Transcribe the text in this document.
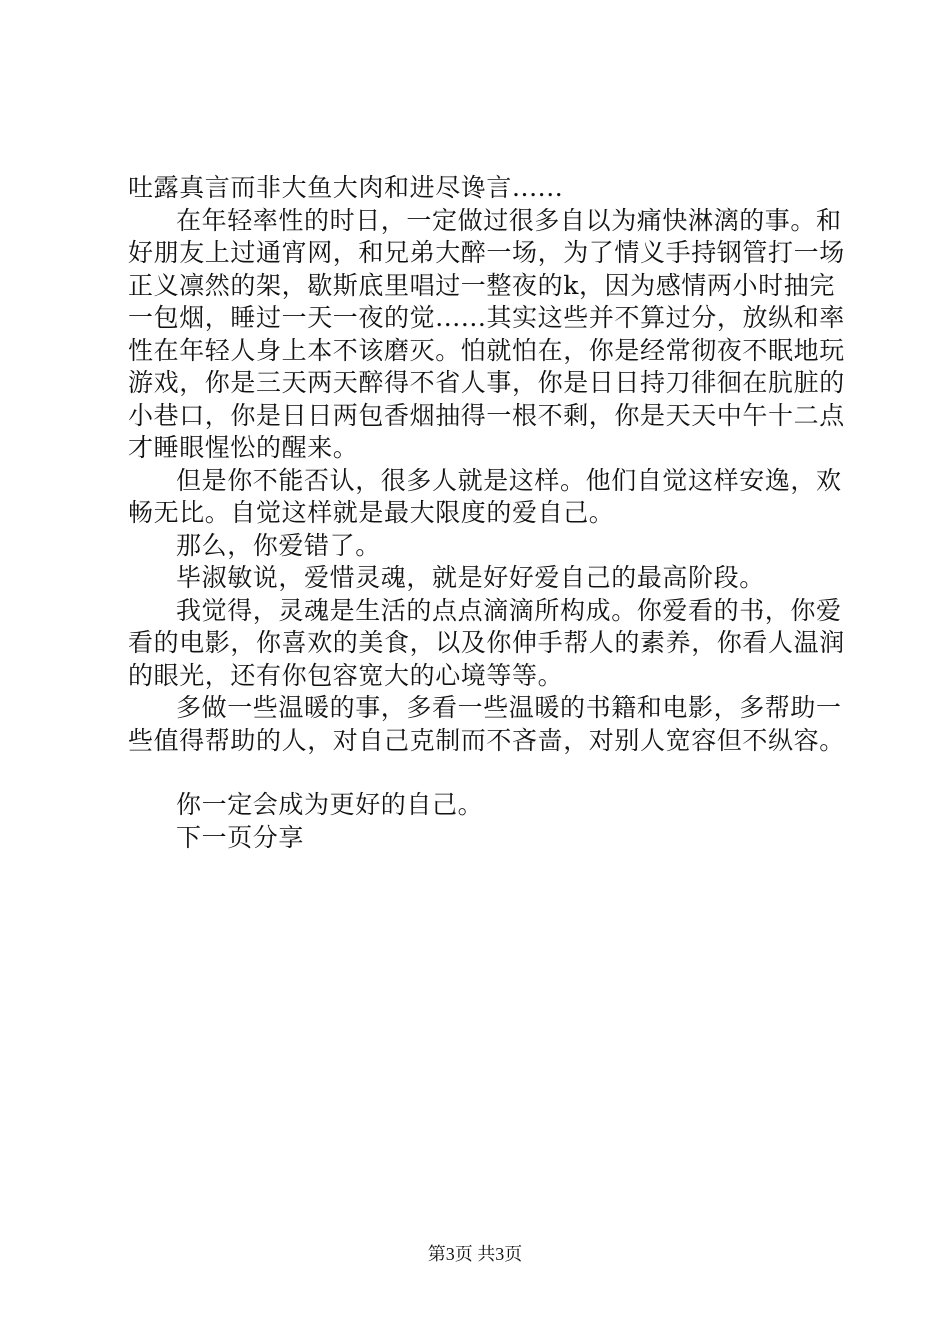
吐露真言而非大鱼大肉和进尽谗言......

在年轻率性的时日，一定做过很多自以为痛快淋漓的事。和好朋友上过通宵网，和兄弟大醉一场，为了情义手持钢管打一场正义凛然的架，歇斯底里唱过一整夜的k，因为感情两小时抽完一包烟，睡过一天一夜的觉......其实这些并不算过分，放纵和率性在年轻人身上本不该磨灭。怕就怕在，你是经常彻夜不眠地玩游戏，你是三天两天醉得不省人事，你是日日持刀徘徊在肮脏的小巷口，你是日日两包香烟抽得一根不剩，你是天天中午十二点才睡眼惺忪的醒来。

但是你不能否认，很多人就是这样。他们自觉这样安逸，欢畅无比。自觉这样就是最大限度的爱自己。

那么，你爱错了。

毕淑敏说，爱惜灵魂，就是好好爱自己的最高阶段。

我觉得，灵魂是生活的点点滴滴所构成。你爱看的书，你爱看的电影，你喜欢的美食，以及你伸手帮人的素养，你看人温润的眼光，还有你包容宽大的心境等等。

多做一些温暖的事，多看一些温暖的书籍和电影，多帮助一些值得帮助的人，对自己克制而不吝啬，对别人宽容但不纵容。

你一定会成为更好的自己。

下一页分享

第3页 共3页
